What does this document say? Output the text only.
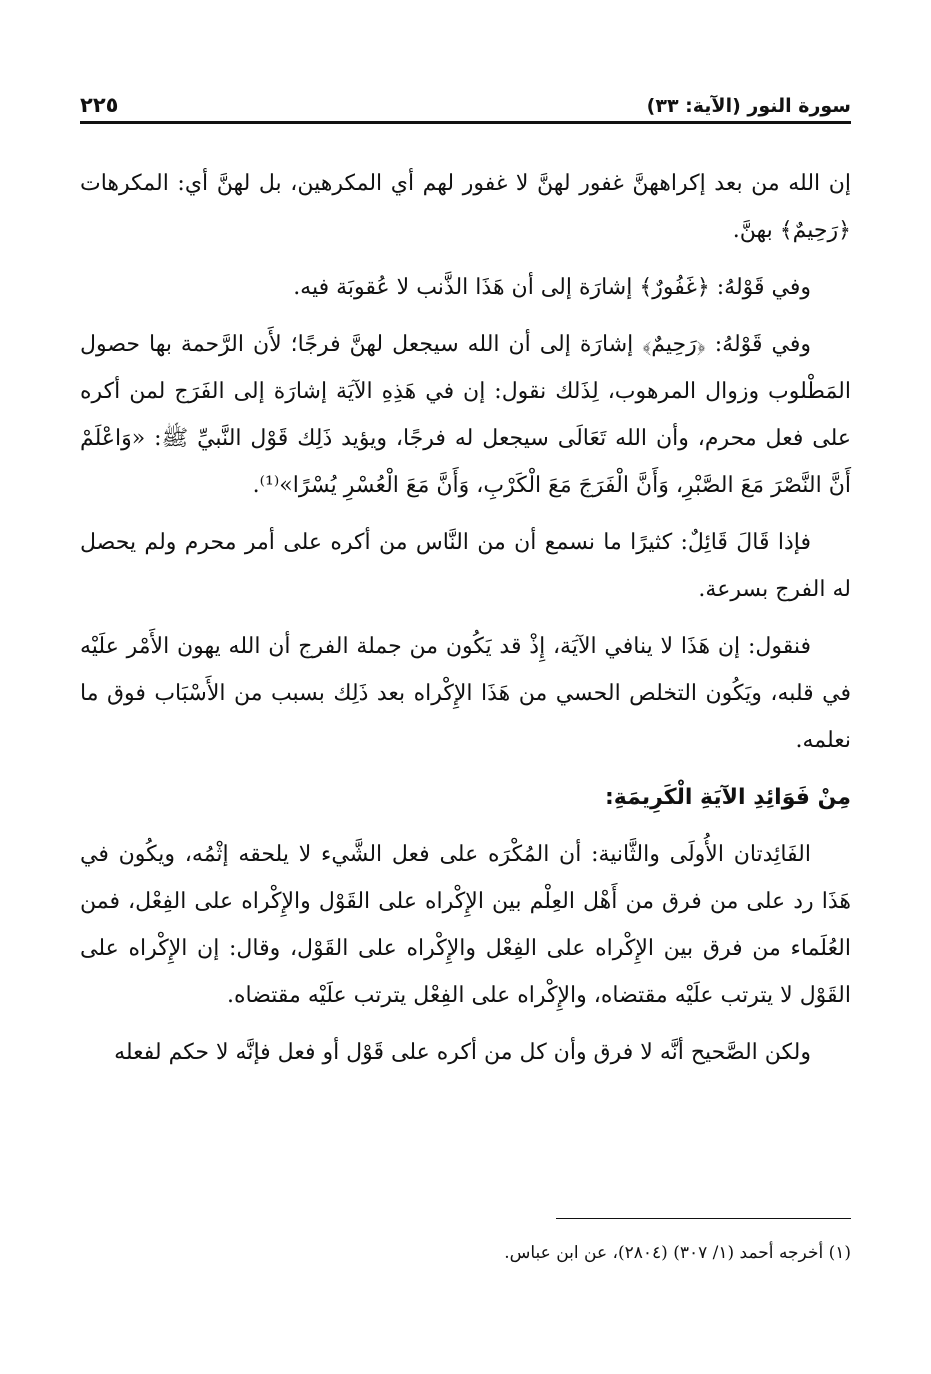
سورة النور (الآية: ٣٣)
٢٢٥

إن الله من بعد إكراههنَّ غفور لهنَّ لا غفور لهم أي المكرهين، بل لهنَّ أي: المكرهات ﴿رَحِيمٌ﴾ بهنَّ.

وفي قَوْلهُ: ﴿غَفُورٌ﴾ إشارَة إلى أن هَذَا الذَّنب لا عُقوبَة فيه.

وفي قَوْلهُ: ﴿رَحِيمٌ﴾ إشارَة إلى أن الله سيجعل لهنَّ فرجًا؛ لأَن الرَّحمة بها حصول المَطْلوب وزوال المرهوب، لِذَلك نقول: إن في هَذِهِ الآيَة إشارَة إلى الفَرَج لمن أكره على فعل محرم، وأن الله تَعَالَى سيجعل له فرجًا، ويؤيد ذَلِك قَوْل النَّبيِّ ﷺ: «وَاعْلَمْ أَنَّ النَّصْرَ مَعَ الصَّبْرِ، وَأَنَّ الْفَرَجَ مَعَ الْكَرْبِ، وَأَنَّ مَعَ الْعُسْرِ يُسْرًا»⁽¹⁾.

فإذا قَالَ قَائِلٌ: كثيرًا ما نسمع أن من النَّاس من أكره على أمر محرم ولم يحصل له الفرج بسرعة.

فنقول: إن هَذَا لا ينافي الآيَة، إِذْ قد يَكُون من جملة الفرج أن الله يهون الأَمْر علَيْه في قلبه، ويَكُون التخلص الحسي من هَذَا الإِكْراه بعد ذَلِك بسبب من الأَسْبَاب فوق ما نعلمه.

مِنْ فَوَائِدِ الآيَةِ الْكَرِيمَةِ:

الفَائِدتان الأُولَى والثَّانية: أن المُكْرَه على فعل الشَّيء لا يلحقه إثْمُه، ويكُون في هَذَا رد على من فرق من أَهْل العِلْم بين الإِكْراه على القَوْل والإِكْراه على الفِعْل، فمن العُلَماء من فرق بين الإِكْراه على الفِعْل والإِكْراه على القَوْل، وقال: إن الإِكْراه على القَوْل لا يترتب علَيْه مقتضاه، والإِكْراه على الفِعْل يترتب علَيْه مقتضاه.

ولكن الصَّحيح أنَّه لا فرق وأن كل من أكره على قَوْل أو فعل فإنَّه لا حكم لفعله

(١) أخرجه أحمد (١/ ٣٠٧) (٢٨٠٤)، عن ابن عباس.
